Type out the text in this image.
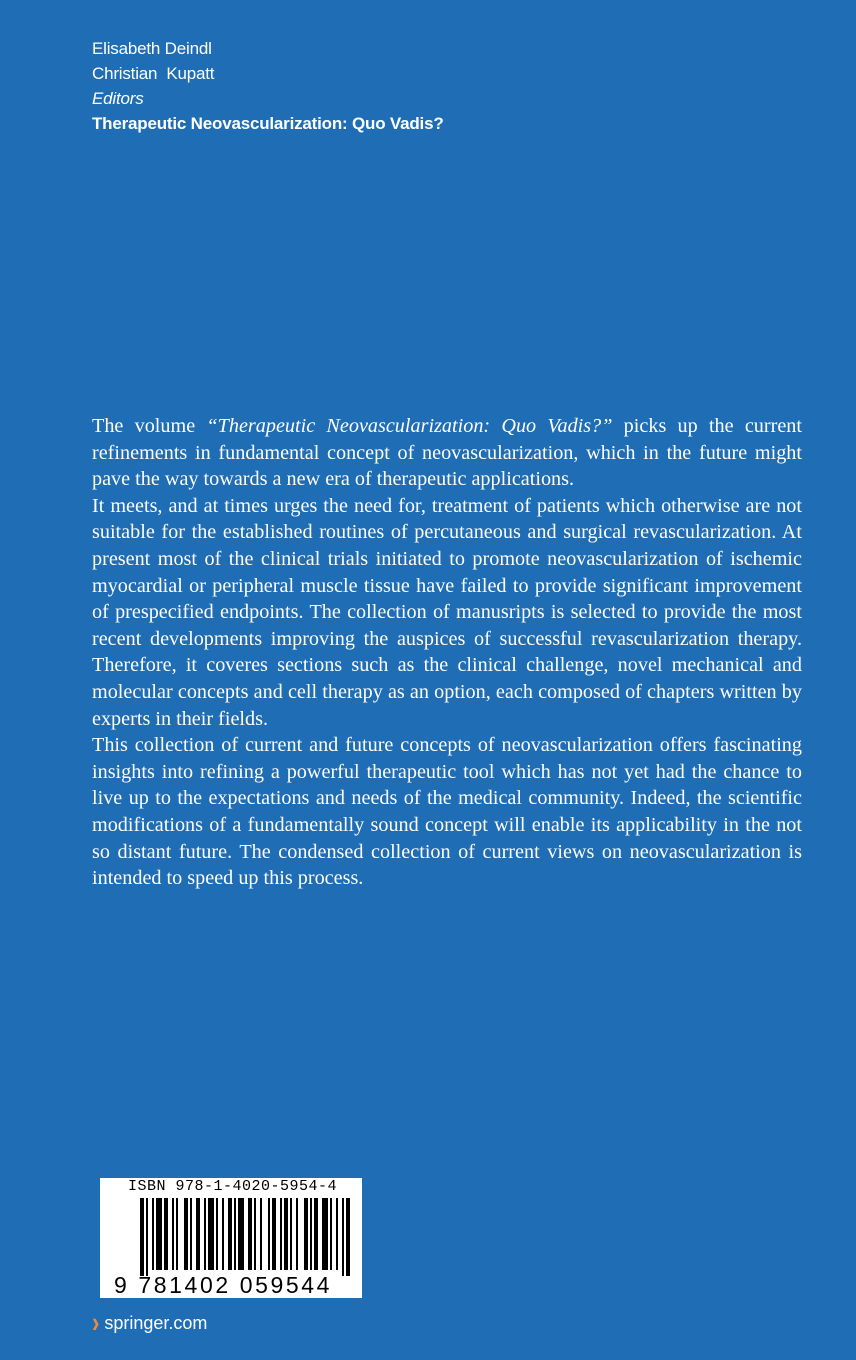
Elisabeth Deindl
Christian  Kupatt
Editors
Therapeutic Neovascularization: Quo Vadis?

The volume “Therapeutic Neovascularization: Quo Vadis?” picks up the current refinements in fundamental concept of neovascularization, which in the future might pave the way towards a new era of therapeutic applications.

It meets, and at times urges the need for, treatment of patients which otherwise are not suitable for the established routines of percutaneous and surgical revascularization. At present most of the clinical trials initiated to promote neovascularization of ischemic myocardial or peripheral muscle tissue have failed to provide significant improvement of prespecified endpoints. The collection of manusripts is selected to provide the most recent developments improving the auspices of successful revascularization therapy. Therefore, it coveres sections such as the clinical challenge, novel mechanical and molecular concepts and cell therapy as an option, each composed of chapters written by experts in their fields.

This collection of current and future concepts of neovascularization offers fascinating insights into refining a powerful therapeutic tool which has not yet had the chance to live up to the expectations and needs of the medical community. Indeed, the scientific modifications of a fundamentally sound concept will enable its applicability in the not so distant future. The condensed collection of current views on neovascularization is intended to speed up this process.

ISBN 978-1-4020-5954-4
9 781402 059544
› springer.com
